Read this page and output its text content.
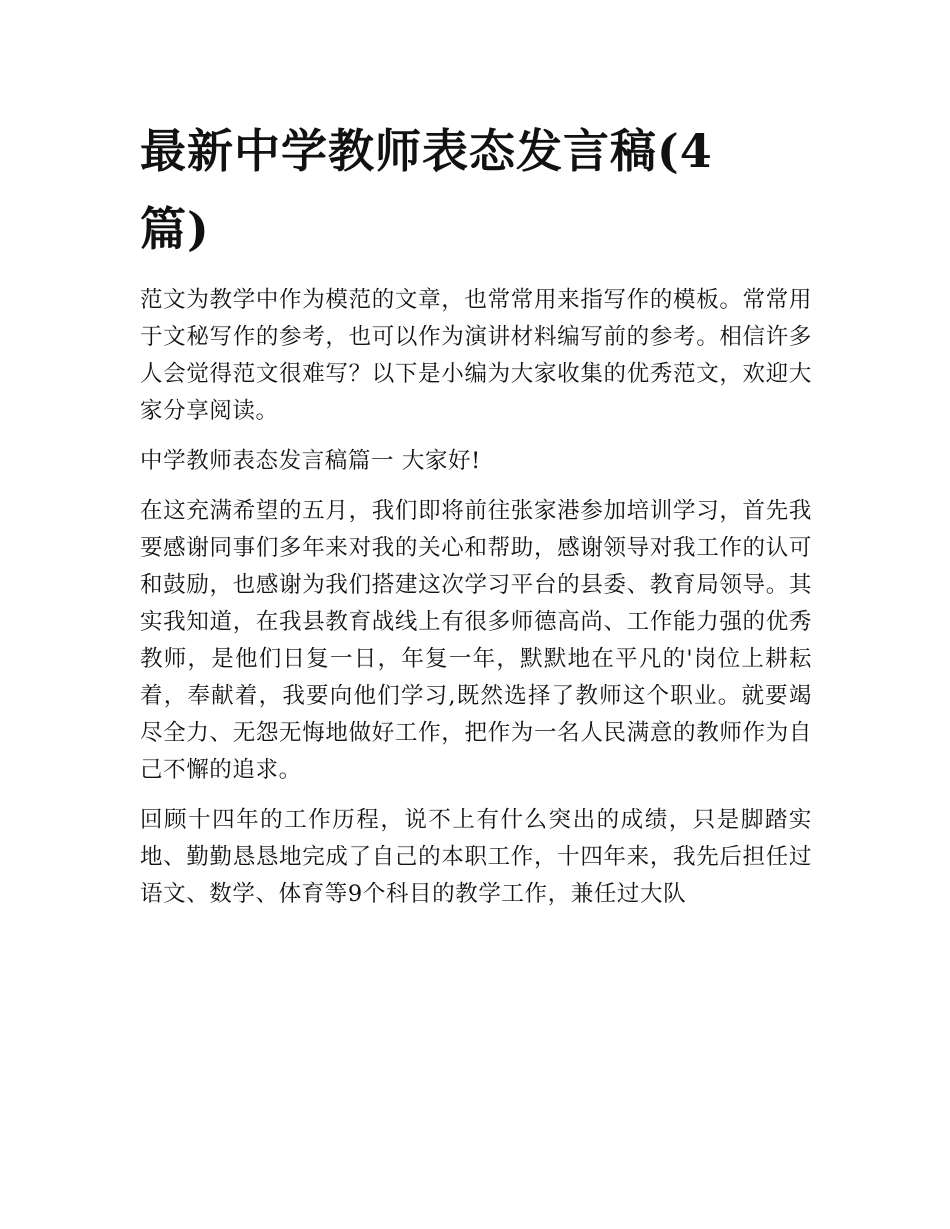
最新中学教师表态发言稿(4篇)

范文为教学中作为模范的文章，也常常用来指写作的模板。常常用于文秘写作的参考，也可以作为演讲材料编写前的参考。相信许多人会觉得范文很难写？以下是小编为大家收集的优秀范文，欢迎大家分享阅读。

中学教师表态发言稿篇一 大家好!

在这充满希望的五月，我们即将前往张家港参加培训学习，首先我要感谢同事们多年来对我的关心和帮助，感谢领导对我工作的认可和鼓励，也感谢为我们搭建这次学习平台的县委、教育局领导。其实我知道，在我县教育战线上有很多师德高尚、工作能力强的优秀教师，是他们日复一日，年复一年，默默地在平凡的'岗位上耕耘着，奉献着，我要向他们学习,既然选择了教师这个职业。就要竭尽全力、无怨无悔地做好工作，把作为一名人民满意的教师作为自己不懈的追求。

回顾十四年的工作历程，说不上有什么突出的成绩，只是脚踏实地、勤勤恳恳地完成了自己的本职工作，十四年来，我先后担任过语文、数学、体育等9个科目的教学工作，兼任过大队
